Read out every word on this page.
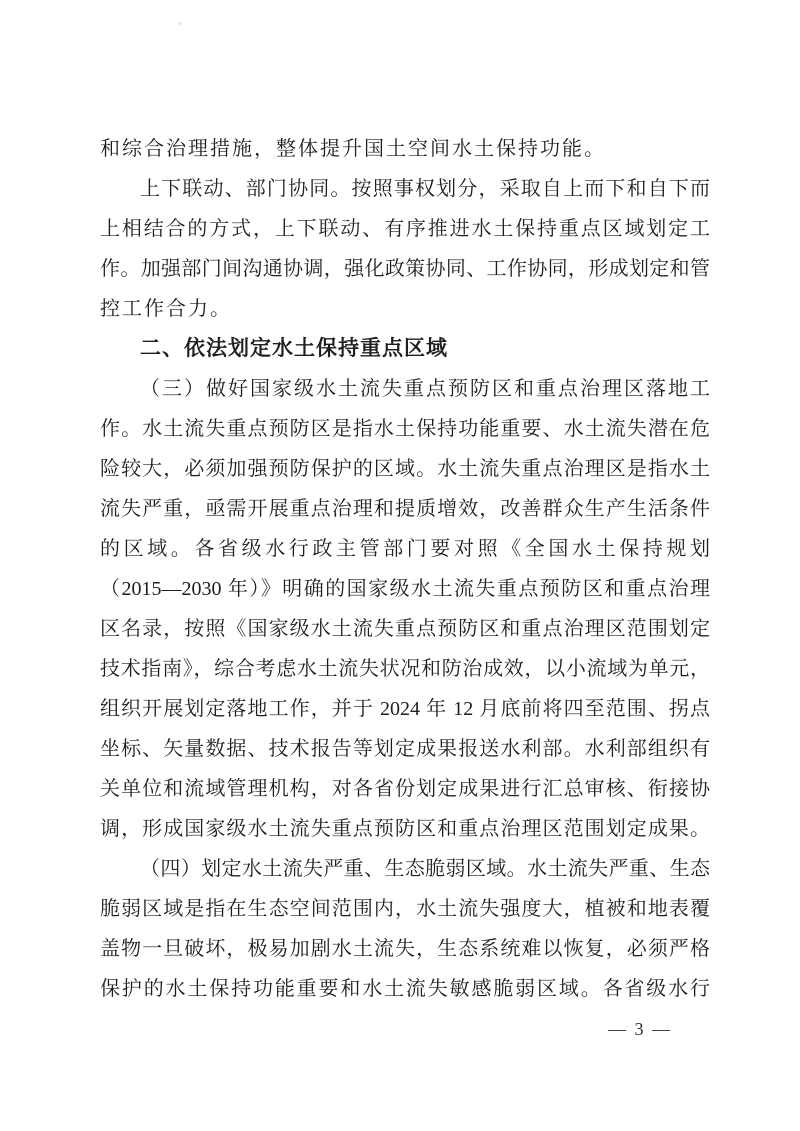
和综合治理措施，整体提升国土空间水土保持功能。
上下联动、部门协同。按照事权划分，采取自上而下和自下而
上相结合的方式，上下联动、有序推进水土保持重点区域划定工
作。加强部门间沟通协调，强化政策协同、工作协同，形成划定和管
控工作合力。
二、依法划定水土保持重点区域
（三）做好国家级水土流失重点预防区和重点治理区落地工
作。水土流失重点预防区是指水土保持功能重要、水土流失潜在危
险较大，必须加强预防保护的区域。水土流失重点治理区是指水土
流失严重，亟需开展重点治理和提质增效，改善群众生产生活条件
的区域。各省级水行政主管部门要对照《全国水土保持规划
（2015—2030 年）》明确的国家级水土流失重点预防区和重点治理
区名录，按照《国家级水土流失重点预防区和重点治理区范围划定
技术指南》，综合考虑水土流失状况和防治成效，以小流域为单元，
组织开展划定落地工作，并于 2024 年 12 月底前将四至范围、拐点
坐标、矢量数据、技术报告等划定成果报送水利部。水利部组织有
关单位和流域管理机构，对各省份划定成果进行汇总审核、衔接协
调，形成国家级水土流失重点预防区和重点治理区范围划定成果。
（四）划定水土流失严重、生态脆弱区域。水土流失严重、生态
脆弱区域是指在生态空间范围内，水土流失强度大，植被和地表覆
盖物一旦破坏，极易加剧水土流失，生态系统难以恢复，必须严格
保护的水土保持功能重要和水土流失敏感脆弱区域。各省级水行
— 3 —
